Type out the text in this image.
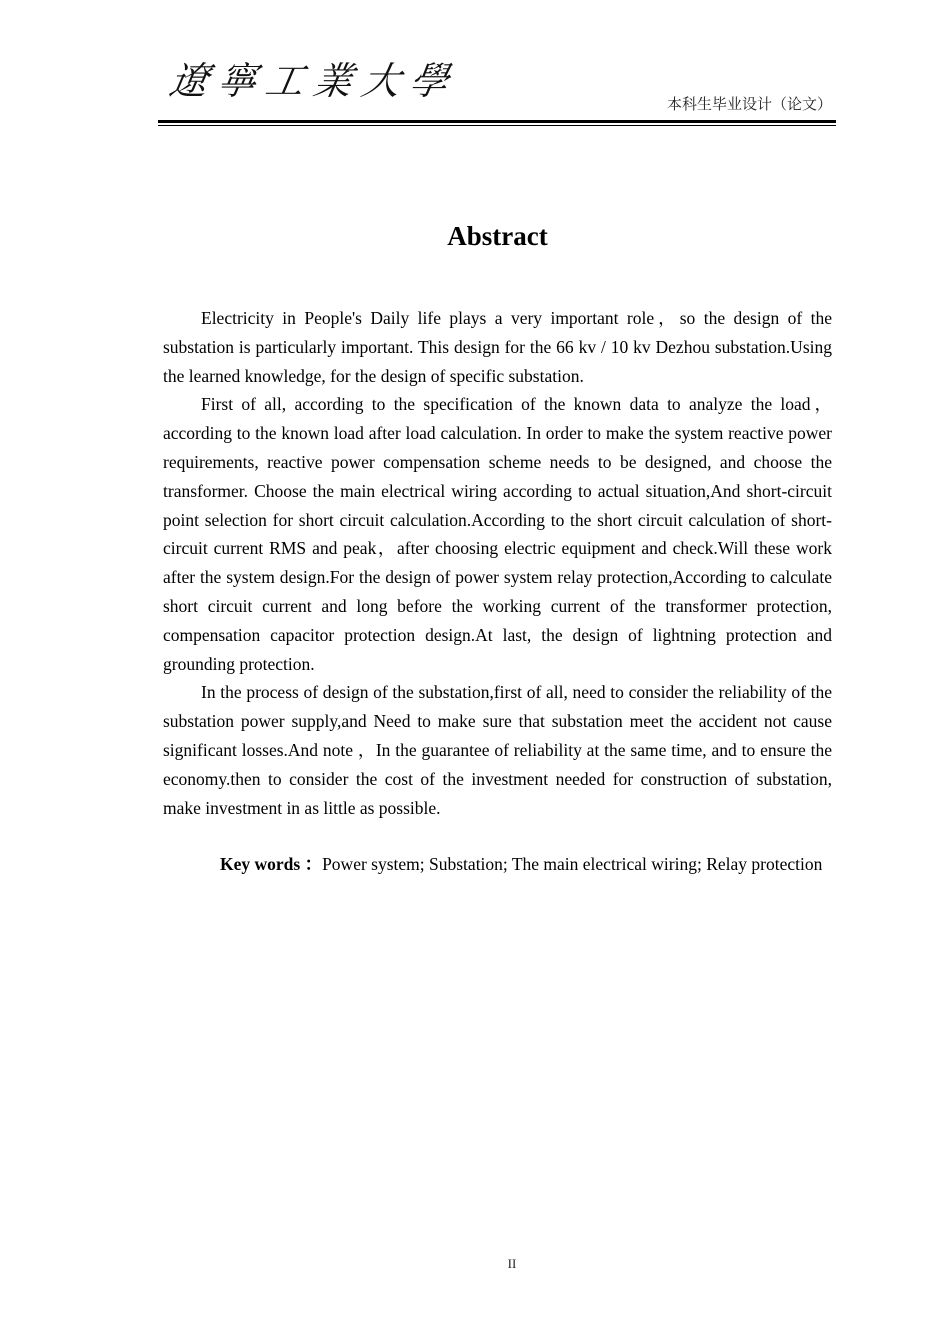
遼寧工業大學
本科生毕业设计（论文）
Abstract

Electricity in People's Daily life plays a very important role，so the design of the substation is particularly important. This design for the 66 kv / 10 kv Dezhou substation.Using the learned knowledge, for the design of specific substation.

First of all, according to the specification of the known data to analyze the load，according to the known load after load calculation. In order to make the system reactive power requirements, reactive power compensation scheme needs to be designed, and choose the transformer. Choose the main electrical wiring according to actual situation,And short-circuit point selection for short circuit calculation.According to the short circuit calculation of short-circuit current RMS and peak，after choosing electric equipment and check.Will these work after the system design.For the design of power system relay protection,According to calculate short circuit current and long before the working current of the transformer protection, compensation capacitor protection design.At last, the design of lightning protection and grounding protection.

In the process of design of the substation,first of all, need to consider the reliability of the substation power supply,and Need to make sure that substation meet the accident not cause significant losses.And note ，In the guarantee of reliability at the same time, and to ensure the economy.then to consider the cost of the investment needed for construction of substation, make investment in as little as possible.

Key words ：Power system; Substation; The main electrical wiring; Relay protection

II
